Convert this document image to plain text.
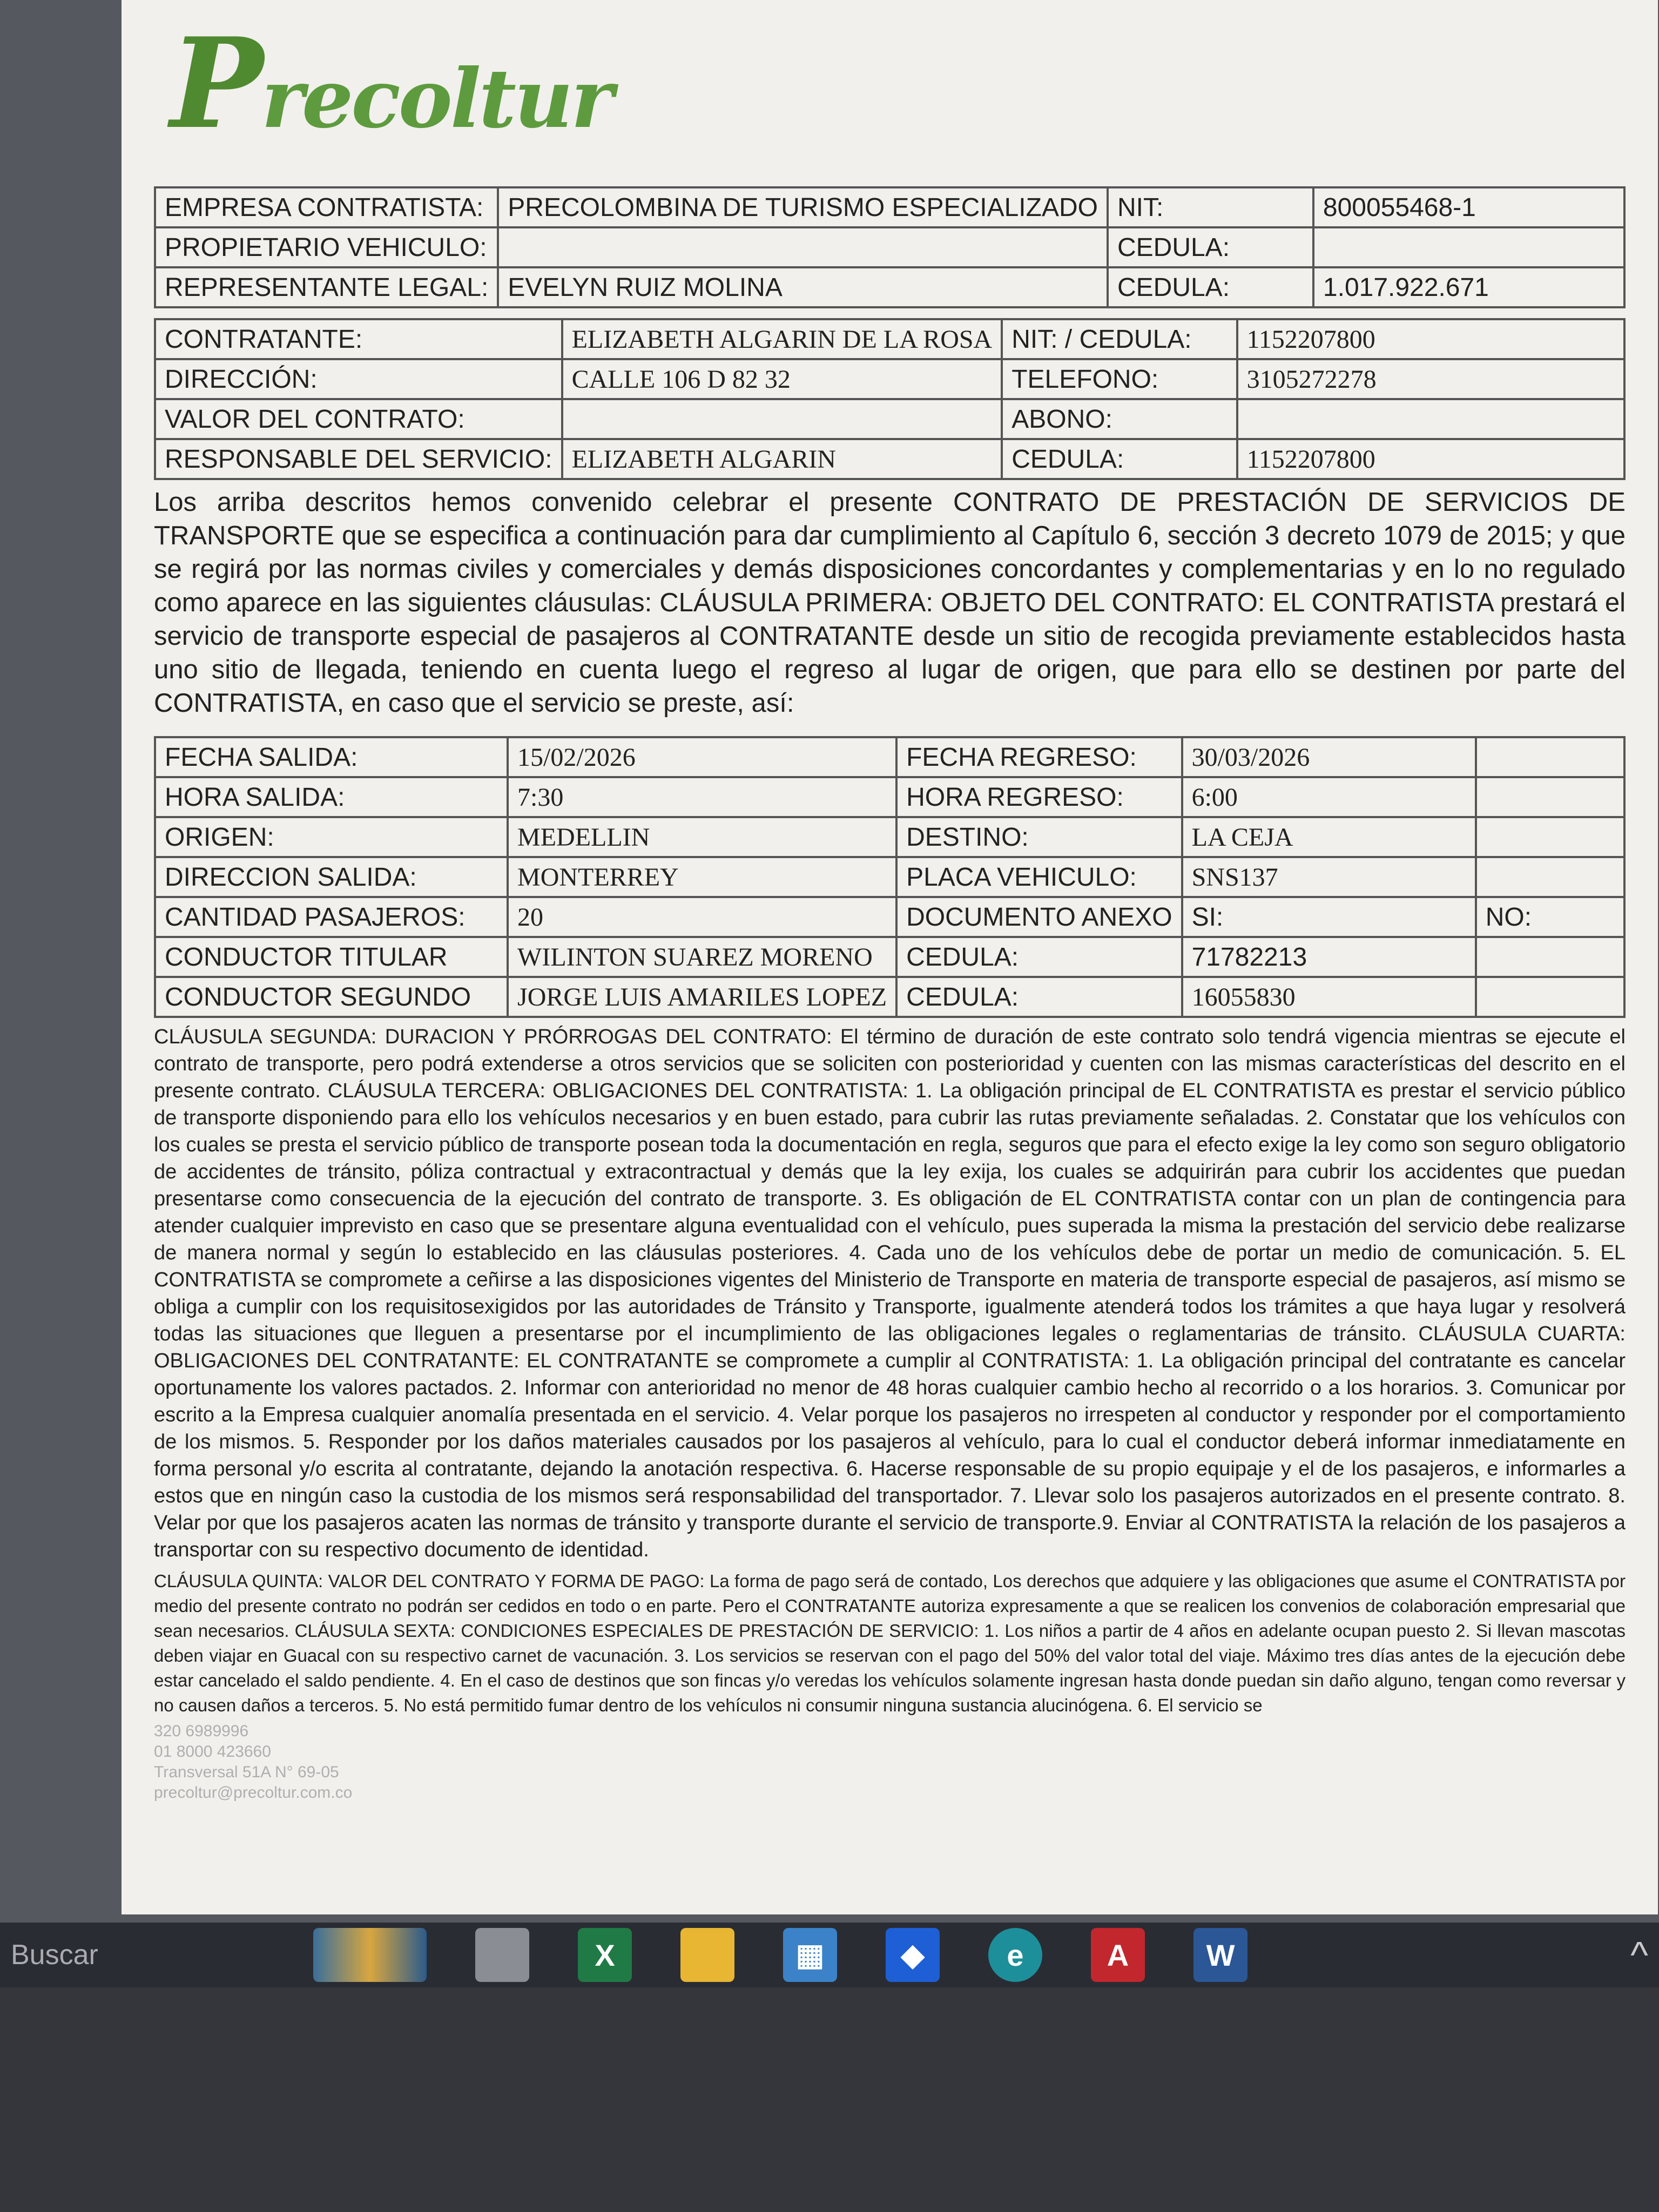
Precoltur
EMPRESA CONTRATISTA:	PRECOLOMBINA DE TURISMO ESPECIALIZADO	NIT:	800055468-1
PROPIETARIO VEHICULO:		CEDULA:	
REPRESENTANTE LEGAL:	EVELYN RUIZ MOLINA	CEDULA:	1.017.922.671
CONTRATANTE:	ELIZABETH ALGARIN DE LA ROSA	NIT: / CEDULA:	1152207800
DIRECCIÓN:	CALLE 106 D 82 32	TELEFONO:	3105272278
VALOR DEL CONTRATO:		ABONO:	
RESPONSABLE DEL SERVICIO:	ELIZABETH ALGARIN	CEDULA:	1152207800

Los arriba descritos hemos convenido celebrar el presente CONTRATO DE PRESTACIÓN DE SERVICIOS DE TRANSPORTE que se especifica a continuación para dar cumplimiento al Capítulo 6, sección 3 decreto 1079 de 2015; y que se regirá por las normas civiles y comerciales y demás disposiciones concordantes y complementarias y en lo no regulado como aparece en las siguientes cláusulas: CLÁUSULA PRIMERA: OBJETO DEL CONTRATO: EL CONTRATISTA prestará el servicio de transporte especial de pasajeros al CONTRATANTE desde un sitio de recogida previamente establecidos hasta uno sitio de llegada, teniendo en cuenta luego el regreso al lugar de origen, que para ello se destinen por parte del CONTRATISTA, en caso que el servicio se preste, así:

FECHA SALIDA:	15/02/2026	FECHA REGRESO:	30/03/2026	
HORA SALIDA:	7:30	HORA REGRESO:	6:00	
ORIGEN:	MEDELLIN	DESTINO:	LA CEJA	
DIRECCION SALIDA:	MONTERREY	PLACA VEHICULO:	SNS137	
CANTIDAD PASAJEROS:	20	DOCUMENTO ANEXO	SI:	NO:
CONDUCTOR TITULAR	WILINTON SUAREZ MORENO	CEDULA:	71782213	
CONDUCTOR SEGUNDO	JORGE LUIS AMARILES LOPEZ	CEDULA:	16055830	

CLÁUSULA SEGUNDA: DURACION Y PRÓRROGAS DEL CONTRATO: El término de duración de este contrato solo tendrá vigencia mientras se ejecute el contrato de transporte, pero podrá extenderse a otros servicios que se soliciten con posterioridad y cuenten con las mismas características del descrito en el presente contrato. CLÁUSULA TERCERA: OBLIGACIONES DEL CONTRATISTA: 1. La obligación principal de EL CONTRATISTA es prestar el servicio público de transporte disponiendo para ello los vehículos necesarios y en buen estado, para cubrir las rutas previamente señaladas. 2. Constatar que los vehículos con los cuales se presta el servicio público de transporte posean toda la documentación en regla, seguros que para el efecto exige la ley como son seguro obligatorio de accidentes de tránsito, póliza contractual y extracontractual y demás que la ley exija, los cuales se adquirirán para cubrir los accidentes que puedan presentarse como consecuencia de la ejecución del contrato de transporte. 3. Es obligación de EL CONTRATISTA contar con un plan de contingencia para atender cualquier imprevisto en caso que se presentare alguna eventualidad con el vehículo, pues superada la misma la prestación del servicio debe realizarse de manera normal y según lo establecido en las cláusulas posteriores. 4. Cada uno de los vehículos debe de portar un medio de comunicación. 5. EL CONTRATISTA se compromete a ceñirse a las disposiciones vigentes del Ministerio de Transporte en materia de transporte especial de pasajeros, así mismo se obliga a cumplir con los requisitosexigidos por las autoridades de Tránsito y Transporte, igualmente atenderá todos los trámites a que haya lugar y resolverá todas las situaciones que lleguen a presentarse por el incumplimiento de las obligaciones legales o reglamentarias de tránsito. CLÁUSULA CUARTA: OBLIGACIONES DEL CONTRATANTE: EL CONTRATANTE se compromete a cumplir al CONTRATISTA: 1. La obligación principal del contratante es cancelar oportunamente los valores pactados. 2. Informar con anterioridad no menor de 48 horas cualquier cambio hecho al recorrido o a los horarios. 3. Comunicar por escrito a la Empresa cualquier anomalía presentada en el servicio. 4. Velar porque los pasajeros no irrespeten al conductor y responder por el comportamiento de los mismos. 5. Responder por los daños materiales causados por los pasajeros al vehículo, para lo cual el conductor deberá informar inmediatamente en forma personal y/o escrita al contratante, dejando la anotación respectiva. 6. Hacerse responsable de su propio equipaje y el de los pasajeros, e informarles a estos que en ningún caso la custodia de los mismos será responsabilidad del transportador. 7. Llevar solo los pasajeros autorizados en el presente contrato. 8. Velar por que los pasajeros acaten las normas de tránsito y transporte durante el servicio de transporte.9. Enviar al CONTRATISTA la relación de los pasajeros a transportar con su respectivo documento de identidad.

CLÁUSULA QUINTA: VALOR DEL CONTRATO Y FORMA DE PAGO: La forma de pago será de contado, Los derechos que adquiere y las obligaciones que asume el CONTRATISTA por medio del presente contrato no podrán ser cedidos en todo o en parte. Pero el CONTRATANTE autoriza expresamente a que se realicen los convenios de colaboración empresarial que sean necesarios. CLÁUSULA SEXTA: CONDICIONES ESPECIALES DE PRESTACIÓN DE SERVICIO: 1. Los niños a partir de 4 años en adelante ocupan puesto 2. Si llevan mascotas deben viajar en Guacal con su respectivo carnet de vacunación. 3. Los servicios se reservan con el pago del 50% del valor total del viaje. Máximo tres días antes de la ejecución debe estar cancelado el saldo pendiente. 4. En el caso de destinos que son fincas y/o veredas los vehículos solamente ingresan hasta donde puedan sin daño alguno, tengan como reversar y no causen daños a terceros. 5. No está permitido fumar dentro de los vehículos ni consumir ninguna sustancia alucinógena. 6. El servicio se

320 6989996
01 8000 423660
Transversal 51A N° 69-05
precoltur@precoltur.com.co
Buscar	X	▦	◆	e	A	W	^
